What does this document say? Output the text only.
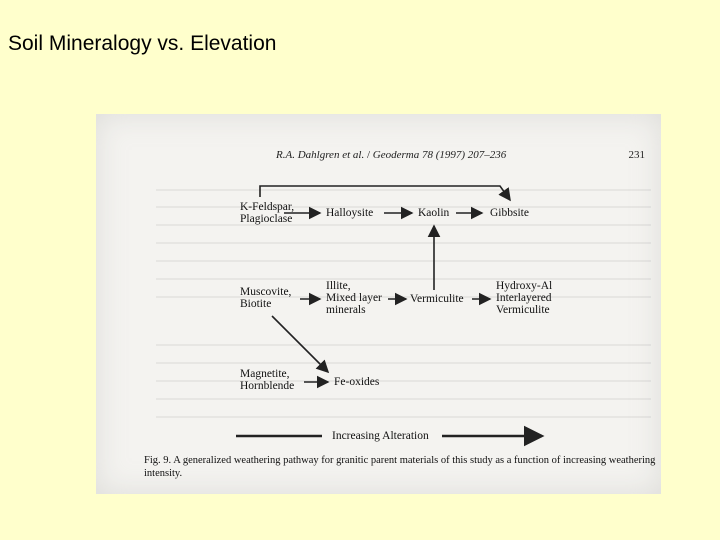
Soil Mineralogy vs. Elevation
R.A. Dahlgren et al. / Geoderma 78 (1997) 207–236	231
K-Feldspar,
Plagioclase	Halloysite	Kaolin	Gibbsite
Muscovite,
Biotite
Illite,
Mixed layer
minerals
Vermiculite
Hydroxy-Al
Interlayered
Vermiculite
Magnetite,
Hornblende	Fe-oxides
Increasing Alteration
Fig. 9. A generalized weathering pathway for granitic parent materials of this study as a function of increasing weathering intensity.
